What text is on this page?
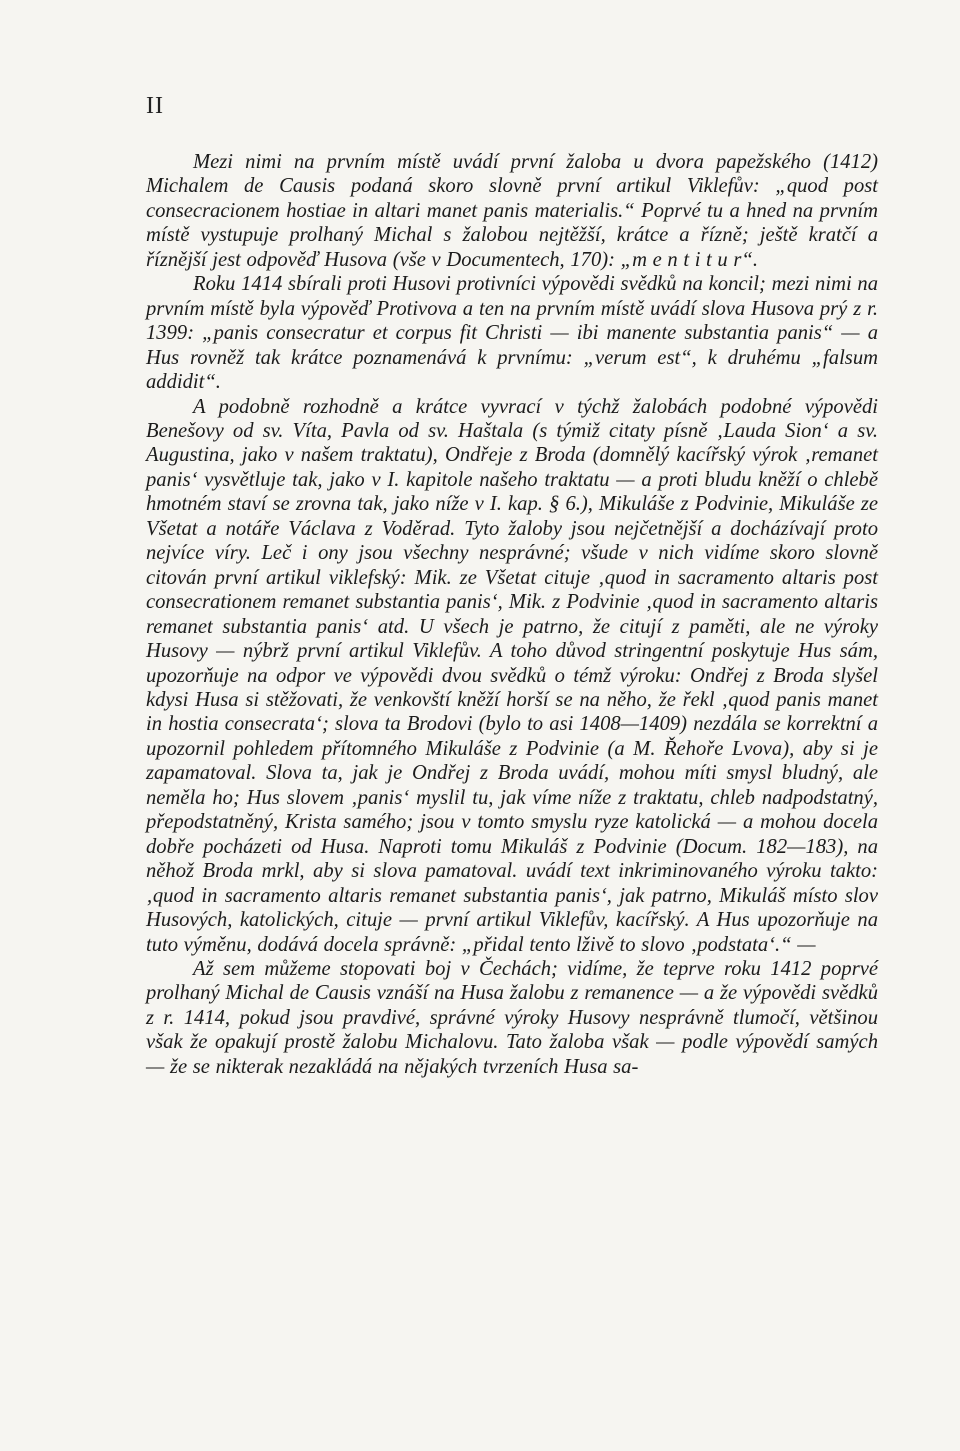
II

Mezi nimi na prvním místě uvádí první žaloba u dvora papežského (1412) Michalem de Causis podaná skoro slovně první artikul Viklefův: „quod post consecracionem hostiae in altari manet panis materialis.“ Poprvé tu a hned na prvním místě vystupuje prolhaný Michal s žalobou nejtěžší, krátce a řízně; ještě kratčí a říznější jest odpověď Husova (vše v Documentech, 170): „m e n t i t u r“.

Roku 1414 sbírali proti Husovi protivníci výpovědi svědků na koncil; mezi nimi na prvním místě byla výpověď Protivova a ten na prvním místě uvádí slova Husova prý z r. 1399: „panis consecratur et corpus fit Christi — ibi manente substantia panis“ — a Hus rovněž tak krátce poznamenává k prvnímu: „verum est“, k druhému „falsum addidit“.

A podobně rozhodně a krátce vyvrací v týchž žalobách podobné výpovědi Benešovy od sv. Víta, Pavla od sv. Haštala (s týmiž citaty písně ‚Lauda Sion‘ a sv. Augustina, jako v našem traktatu), Ondřeje z Broda (domnělý kacířský výrok ‚remanet panis‘ vysvětluje tak, jako v I. kapitole našeho traktatu — a proti bludu kněží o chlebě hmotném staví se zrovna tak, jako níže v I. kap. § 6.), Mikuláše z Podvinie, Mikuláše ze Všetat a notáře Václava z Voděrad. Tyto žaloby jsou nejčetnější a docházívají proto nejvíce víry. Leč i ony jsou všechny nesprávné; všude v nich vidíme skoro slovně citován první artikul viklefský: Mik. ze Všetat cituje ‚quod in sacramento altaris post consecrationem remanet substantia panis‘, Mik. z Podvinie ‚quod in sacramento altaris remanet substantia panis‘ atd. U všech je patrno, že citují z paměti, ale ne výroky Husovy — nýbrž první artikul Viklefův. A toho důvod stringentní poskytuje Hus sám, upozorňuje na odpor ve výpovědi dvou svědků o témž výroku: Ondřej z Broda slyšel kdysi Husa si stěžovati, že venkovští kněží horší se na něho, že řekl ‚quod panis manet in hostia consecrata‘; slova ta Brodovi (bylo to asi 1408—1409) nezdála se korrektní a upozornil pohledem přítomného Mikuláše z Podvinie (a M. Řehoře Lvova), aby si je zapamatoval. Slova ta, jak je Ondřej z Broda uvádí, mohou míti smysl bludný, ale neměla ho; Hus slovem ‚panis‘ myslil tu, jak víme níže z traktatu, chleb nadpodstatný, přepodstatněný, Krista samého; jsou v tomto smyslu ryze katolická — a mohou docela dobře pocházeti od Husa. Naproti tomu Mikuláš z Podvinie (Docum. 182—183), na něhož Broda mrkl, aby si slova pamatoval. uvádí text inkriminovaného výroku takto: ‚quod in sacramento altaris remanet substantia panis‘, jak patrno, Mikuláš místo slov Husových, katolických, cituje — první artikul Viklefův, kacířský. A Hus upozorňuje na tuto výměnu, dodává docela správně: „přidal tento lživě to slovo ‚podstata‘.“ —

Až sem můžeme stopovati boj v Čechách; vidíme, že teprve roku 1412 poprvé prolhaný Michal de Causis vznáší na Husa žalobu z remanence — a že výpovědi svědků z r. 1414, pokud jsou pravdivé, správné výroky Husovy nesprávně tlumočí, většinou však že opakují prostě žalobu Michalovu. Tato žaloba však — podle výpovědí samých — že se nikterak nezakládá na nějakých tvrzeních Husa sa-
